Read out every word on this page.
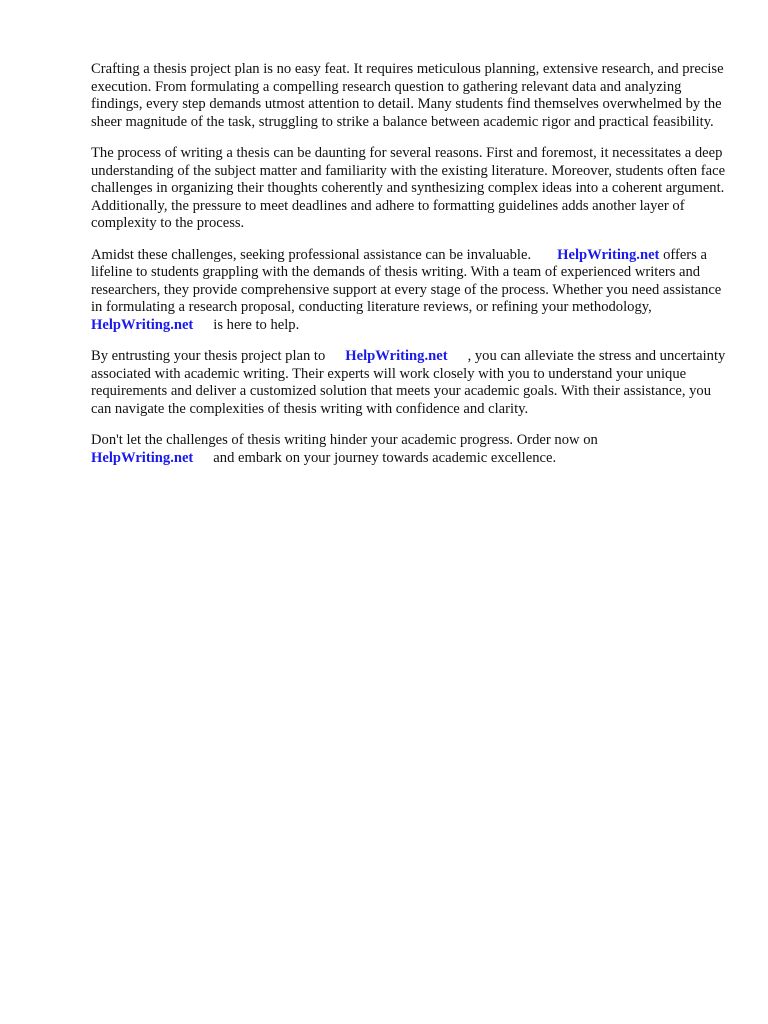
Crafting a thesis project plan is no easy feat. It requires meticulous planning, extensive research, and precise execution. From formulating a compelling research question to gathering relevant data and analyzing findings, every step demands utmost attention to detail. Many students find themselves overwhelmed by the sheer magnitude of the task, struggling to strike a balance between academic rigor and practical feasibility.

The process of writing a thesis can be daunting for several reasons. First and foremost, it necessitates a deep understanding of the subject matter and familiarity with the existing literature. Moreover, students often face challenges in organizing their thoughts coherently and synthesizing complex ideas into a coherent argument. Additionally, the pressure to meet deadlines and adhere to formatting guidelines adds another layer of complexity to the process.

Amidst these challenges, seeking professional assistance can be invaluable. HelpWriting.net offers a lifeline to students grappling with the demands of thesis writing. With a team of experienced writers and researchers, they provide comprehensive support at every stage of the process. Whether you need assistance in formulating a research proposal, conducting literature reviews, or refining your methodology,HelpWriting.net is here to help.

By entrusting your thesis project plan to HelpWriting.net , you can alleviate the stress and uncertainty associated with academic writing. Their experts will work closely with you to understand your unique requirements and deliver a customized solution that meets your academic goals. With their assistance, you can navigate the complexities of thesis writing with confidence and clarity.

Don't let the challenges of thesis writing hinder your academic progress. Order now on
HelpWriting.net and embark on your journey towards academic excellence.
